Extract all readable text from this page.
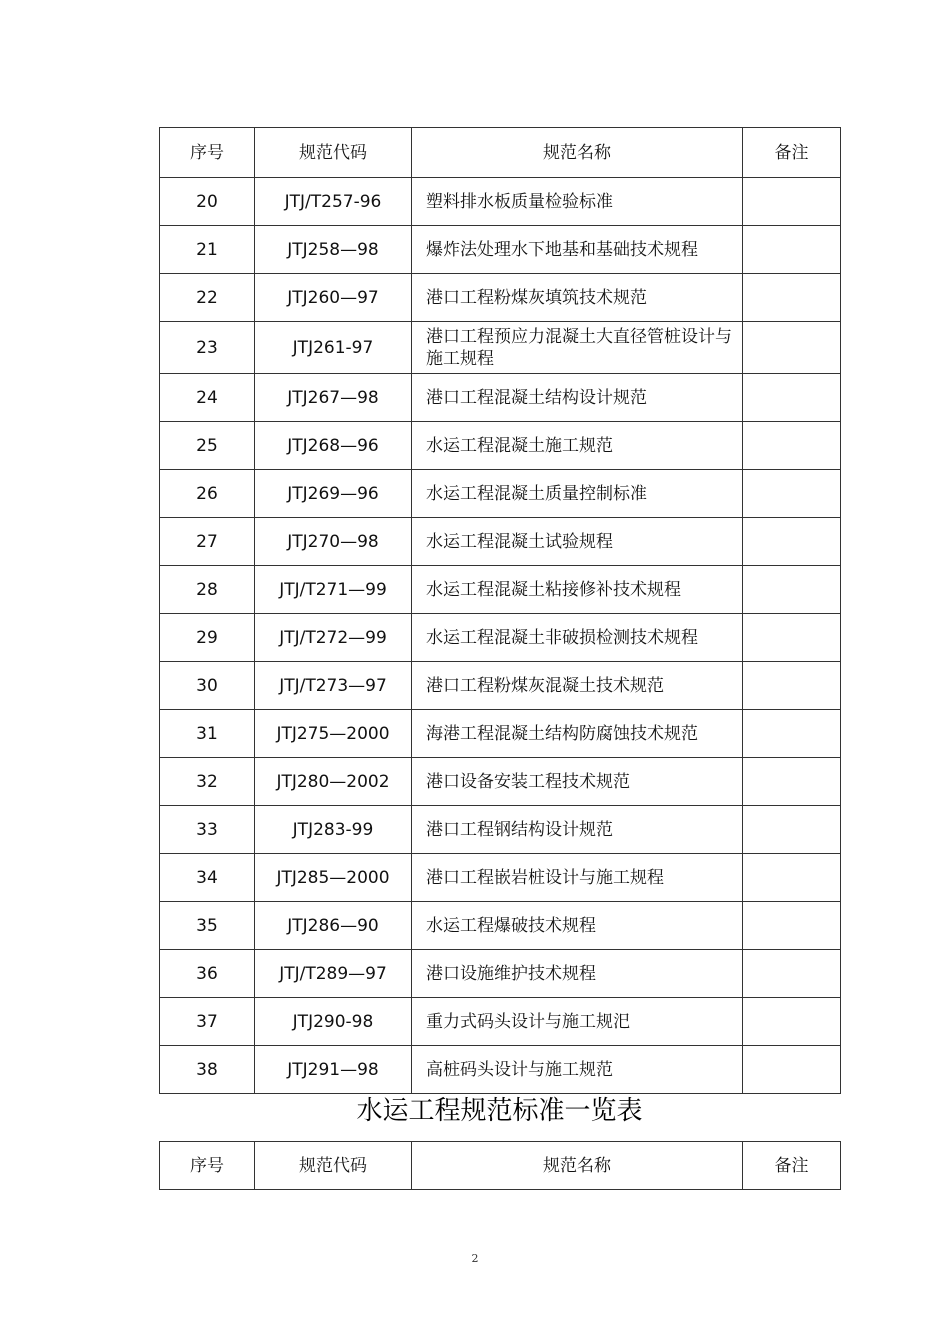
序号	规范代码	规范名称	备注
20	JTJ/T257-96	塑料排水板质量检验标准	
21	JTJ258—98	爆炸法处理水下地基和基础技术规程	
22	JTJ260—97	港口工程粉煤灰填筑技术规范	
23	JTJ261-97	港口工程预应力混凝土大直径管桩设计与施工规程	
24	JTJ267—98	港口工程混凝土结构设计规范	
25	JTJ268—96	水运工程混凝土施工规范	
26	JTJ269—96	水运工程混凝土质量控制标准	
27	JTJ270—98	水运工程混凝土试验规程	
28	JTJ/T271—99	水运工程混凝土粘接修补技术规程	
29	JTJ/T272—99	水运工程混凝土非破损检测技术规程	
30	JTJ/T273—97	港口工程粉煤灰混凝土技术规范	
31	JTJ275—2000	海港工程混凝土结构防腐蚀技术规范	
32	JTJ280—2002	港口设备安装工程技术规范	
33	JTJ283-99	港口工程钢结构设计规范	
34	JTJ285—2000	港口工程嵌岩桩设计与施工规程	
35	JTJ286—90	水运工程爆破技术规程	
36	JTJ/T289—97	港口设施维护技术规程	
37	JTJ290-98	重力式码头设计与施工规汜	
38	JTJ291—98	高桩码头设计与施工规范	
水运工程规范标准一览表
序号	规范代码	规范名称	备注
2
